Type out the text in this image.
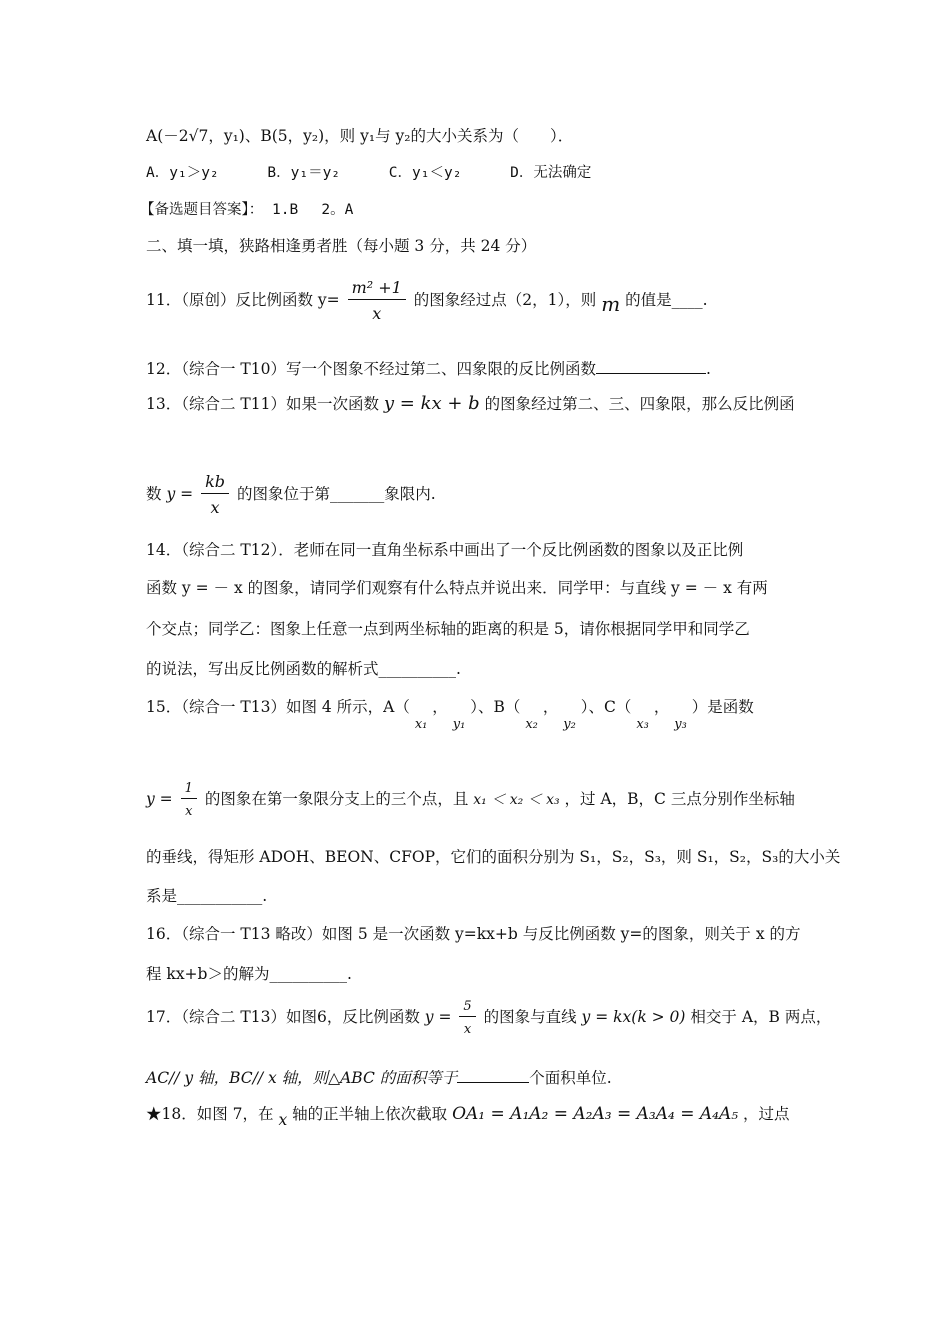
A(－2√7，y₁)、B(5，y₂)，则 y₁与 y₂的大小关系为（　　）．
A．y₁＞y₂	B．y₁＝y₂	C．y₁＜y₂	D．无法确定
【备选题目答案】： 1.B　 2。A
二、填一填，狭路相逢勇者胜（每小题 3 分，共 24 分）
11．（原创）反比例函数 $y= \frac{\text{m² +1}}{x}$ 的图象经过点（2，1），则 m 的值是____.
12．（综合一 T10）写一个图象不经过第二、四象限的反比例函数	.
13．（综合二 T11）如果一次函数 y = kx + b 的图象经过第二、三、四象限，那么反比例函
数 $y = \frac{kb}{x}$ 的图象位于第_______象限内.
14．（综合二 T12）．老师在同一直角坐标系中画出了一个反比例函数的图象以及正比例
函数 y = － x 的图象，请同学们观察有什么特点并说出来．同学甲：与直线 y = － x 有两
个交点；同学乙：图象上任意一点到两坐标轴的距离的积是 5，请你根据同学甲和同学乙
的说法，写出反比例函数的解析式__________.
15．（综合一 T13）如图 4 所示，A（ $_{x_1}$ ， $_{y_1}$ ）、B（ $_{x_2}$ ， $_{y_2}$ ）、C（ $_{x_3}$ ， $_{y_3}$ ）是函数
$y = \frac{1}{x}$ 的图象在第一象限分支上的三个点，且 x₁ ＜ x₂ ＜ x₃ ，过 A，B，C 三点分别作坐标轴
的垂线，得矩形 ADOH、BEON、CFOP，它们的面积分别为 S₁，S₂，S₃，则 S₁，S₂，S₃的大小关
系是___________.
16．（综合一 T13 略改）如图 5 是一次函数 y=kx+b 与反比例函数 y=的图象，则关于 x 的方
程 kx+b＞的解为__________.
17．（综合二 T13）如图6，反比例函数 $y = \frac{5}{x}$ 的图象与直线 y = kx(k > 0) 相交于 A，B 两点，
AC// y 轴，BC// x 轴，则△ABC 的面积等于	个面积单位.
★18．如图 7，在 x 轴的正半轴上依次截取 OA₁ = A₁A₂ = A₂A₃ = A₃A₄ = A₄A₅ ，过点
